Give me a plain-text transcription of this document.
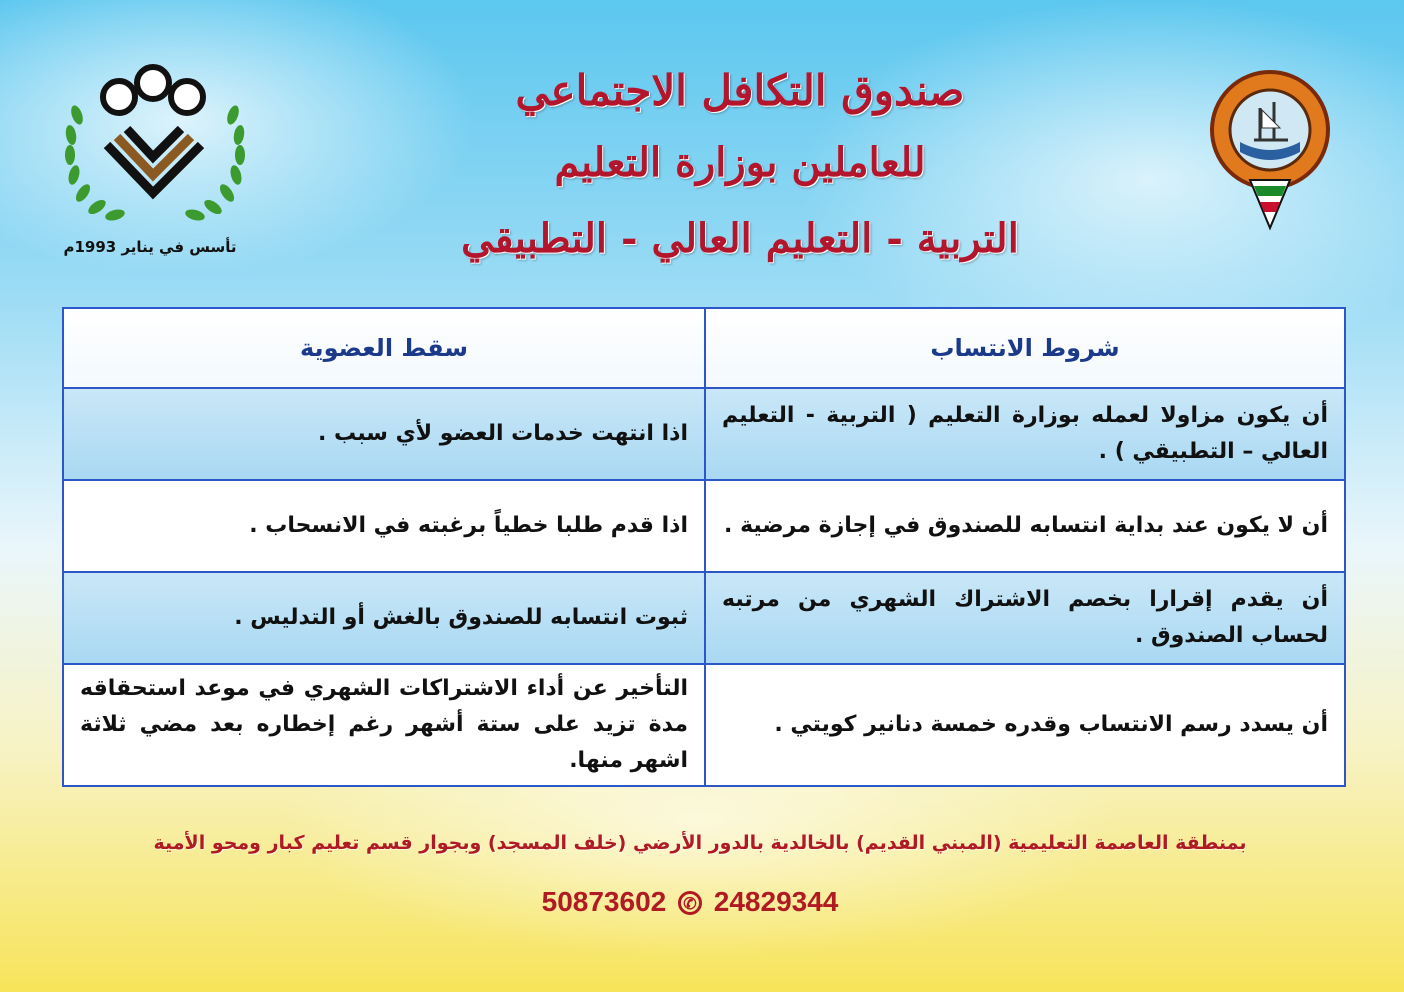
صندوق التكافل الاجتماعي
للعاملين بوزارة التعليم
التربية - التعليم العالي - التطبيقي
تأسس في يناير 1993م
شروط الانتساب	سقط العضوية
أن يكون مزاولا لعمله بوزارة التعليم ( التربية - التعليم العالي – التطبيقي ) .	اذا انتهت خدمات العضو لأي سبب .
أن لا يكون عند بداية انتسابه للصندوق في إجازة مرضية .	اذا قدم طلبا خطياً برغبته في الانسحاب .
أن يقدم إقرارا بخصم الاشتراك الشهري من مرتبه لحساب الصندوق .	ثبوت انتسابه للصندوق بالغش أو التدليس .
أن يسدد رسم الانتساب وقدره خمسة دنانير كويتي .	التأخير عن أداء الاشتراكات الشهري في موعد استحقاقه مدة تزيد على ستة أشهر رغم إخطاره بعد مضي ثلاثة اشهر منها.
بمنطقة العاصمة التعليمية (المبني القديم) بالخالدية بالدور الأرضي (خلف المسجد) وبجوار قسم تعليم كبار ومحو الأمية
50873602 ✆ 24829344
